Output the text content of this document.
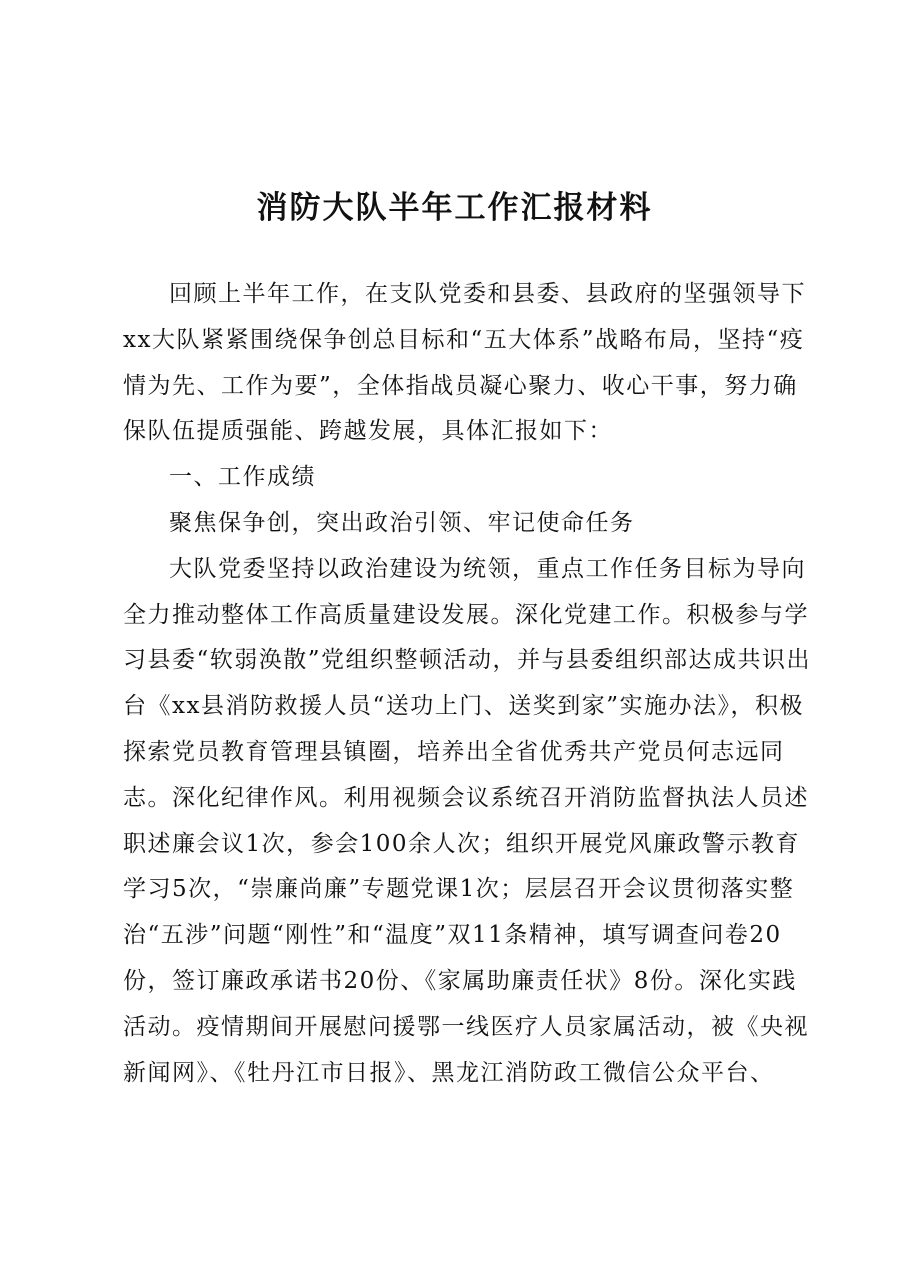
消防大队半年工作汇报材料

回顾上半年工作，在支队党委和县委、县政府的坚强领导下xx大队紧紧围绕保争创总目标和“五大体系”战略布局，坚持“疫情为先、工作为要”，全体指战员凝心聚力、收心干事，努力确保队伍提质强能、跨越发展，具体汇报如下：

一、工作成绩

聚焦保争创，突出政治引领、牢记使命任务

大队党委坚持以政治建设为统领，重点工作任务目标为导向全力推动整体工作高质量建设发展。深化党建工作。积极参与学习县委“软弱涣散”党组织整顿活动，并与县委组织部达成共识出台《xx县消防救援人员“送功上门、送奖到家”实施办法》，积极探索党员教育管理县镇圈，培养出全省优秀共产党员何志远同志。深化纪律作风。利用视频会议系统召开消防监督执法人员述职述廉会议1次，参会100余人次；组织开展党风廉政警示教育学习5次，“崇廉尚廉”专题党课1次；层层召开会议贯彻落实整治“五涉”问题“刚性”和“温度”双11条精神，填写调查问卷20份，签订廉政承诺书20份、《家属助廉责任状》8份。深化实践活动。疫情期间开展慰问援鄂一线医疗人员家属活动，被《央视新闻网》、《牡丹江市日报》、黑龙江消防政工微信公众平台、
